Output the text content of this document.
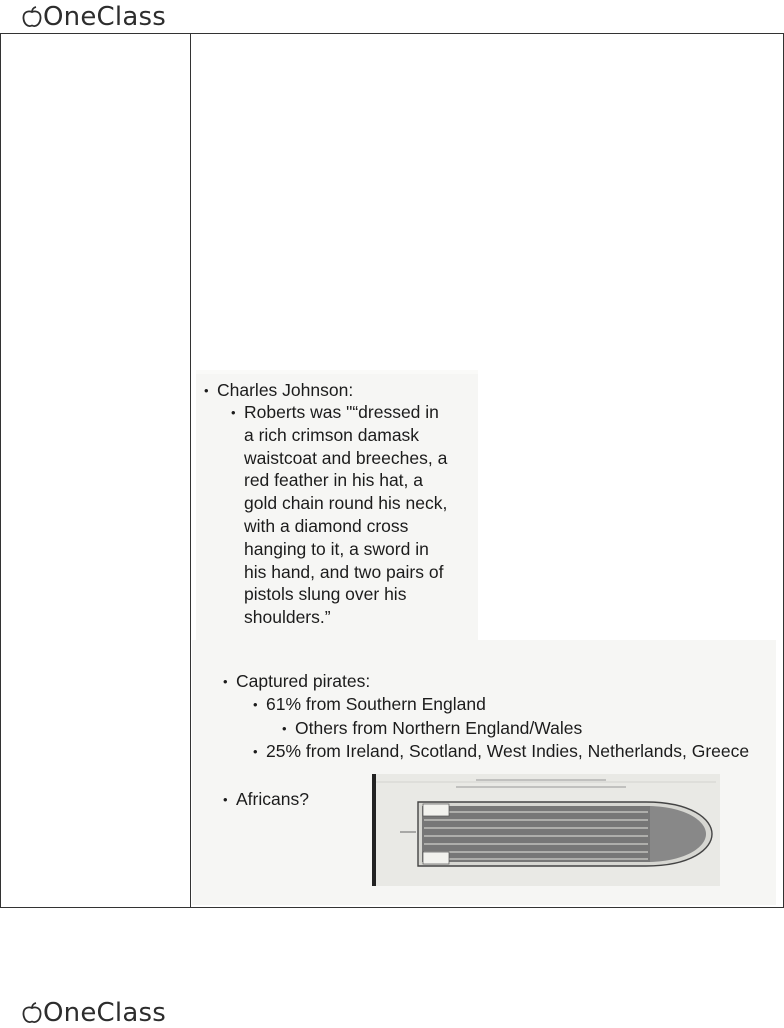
OneClass
• Charles Johnson:
• Roberts was "“dressed in
a rich crimson damask
waistcoat and breeches, a
red feather in his hat, a
gold chain round his neck,
with a diamond cross
hanging to it, a sword in
his hand, and two pairs of
pistols slung over his
shoulders.”
• Captured pirates:
• 61% from Southern England
• Others from Northern England/Wales
• 25% from Ireland, Scotland, West Indies, Netherlands, Greece
• Africans?
OneClass
